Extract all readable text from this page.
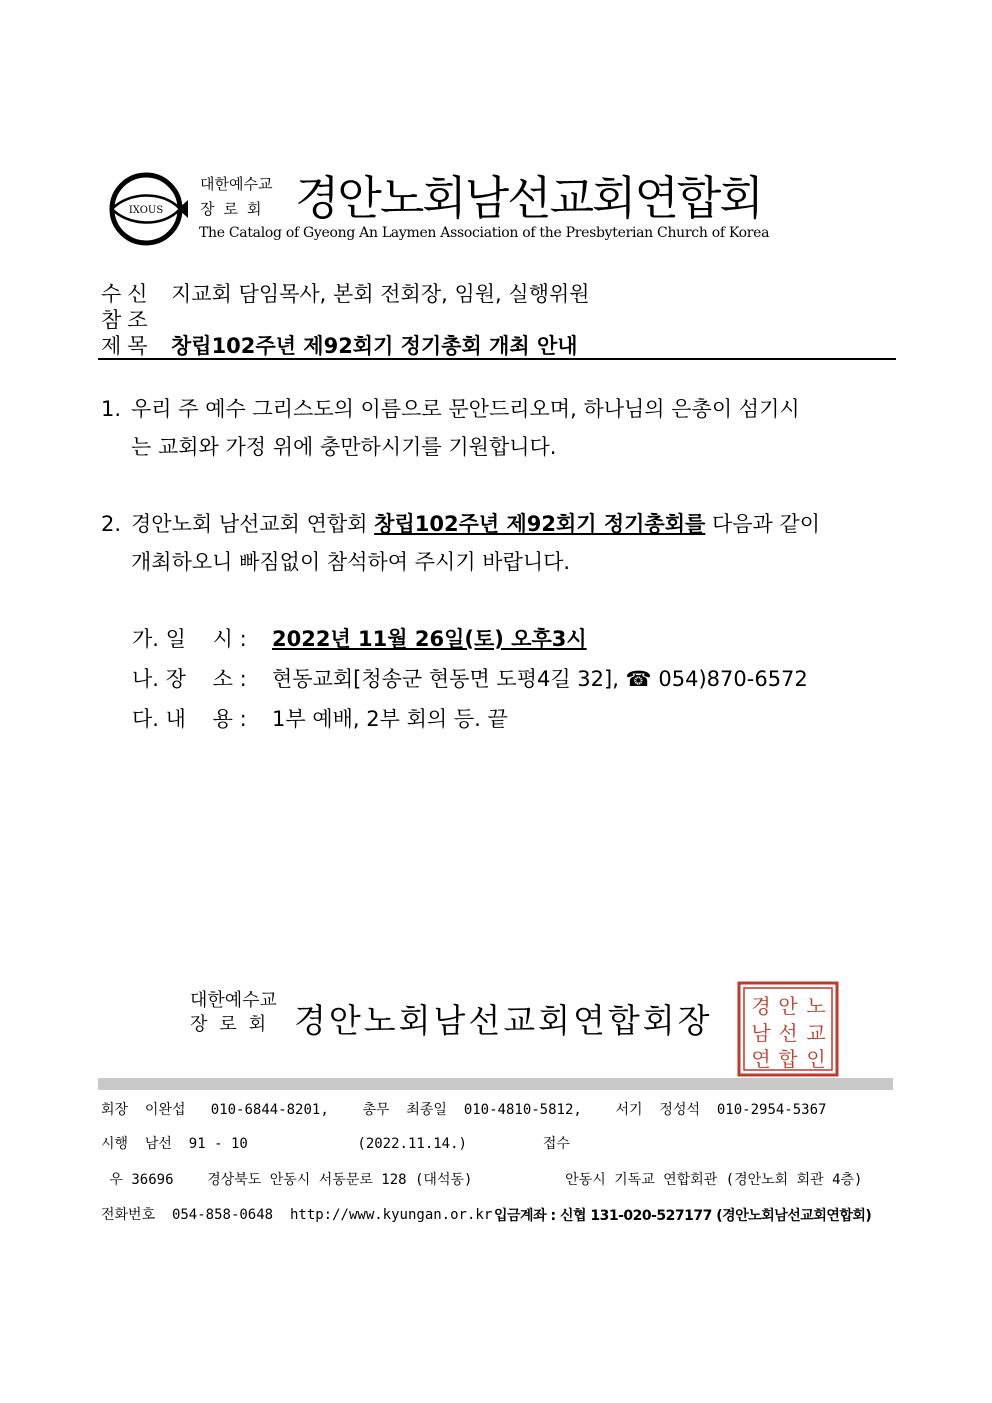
IXOUS
대한예수교
장로회 경안노회남선교회연합회
The Catalog of Gyeong An Laymen Association of the Presbyterian Church of Korea
수신 지교회 담임목사, 본회 전회장, 임원, 실행위원
참조
제목 창립102주년 제92회기 정기총회 개최 안내
1. 우리 주 예수 그리스도의 이름으로 문안드리오며, 하나님의 은총이 섬기시
는 교회와 가정 위에 충만하시기를 기원합니다.
2. 경안노회 남선교회 연합회 창립102주년 제92회기 정기총회를 다음과 같이
개최하오니 빠짐없이 참석하여 주시기 바랍니다.
가. 일    시 : 2022년 11월 26일(토) 오후3시
나. 장    소 : 현동교회[청송군 현동면 도평4길 32], ☎ 054)870-6572
다. 내    용 : 1부 예배, 2부 회의 등. 끝
대한예수교
장로회 경안노회남선교회연합회장 경 안 노
남 선 교
연 합 인
회장  이완섭   010-6844-8201,    총무  최종일  010-4810-5812,    서기  정성석  010-2954-5367
시행  남선  91 - 10             (2022.11.14.)         접수
우 36696    경상북도 안동시 서동문로 128 (대석동)           안동시 기독교 연합회관 (경안노회 회관 4층)
전화번호  054-858-0648  http://www.kyungan.or.kr 입금계좌 : 신협 131-020-527177 (경안노회남선교회연합회)
